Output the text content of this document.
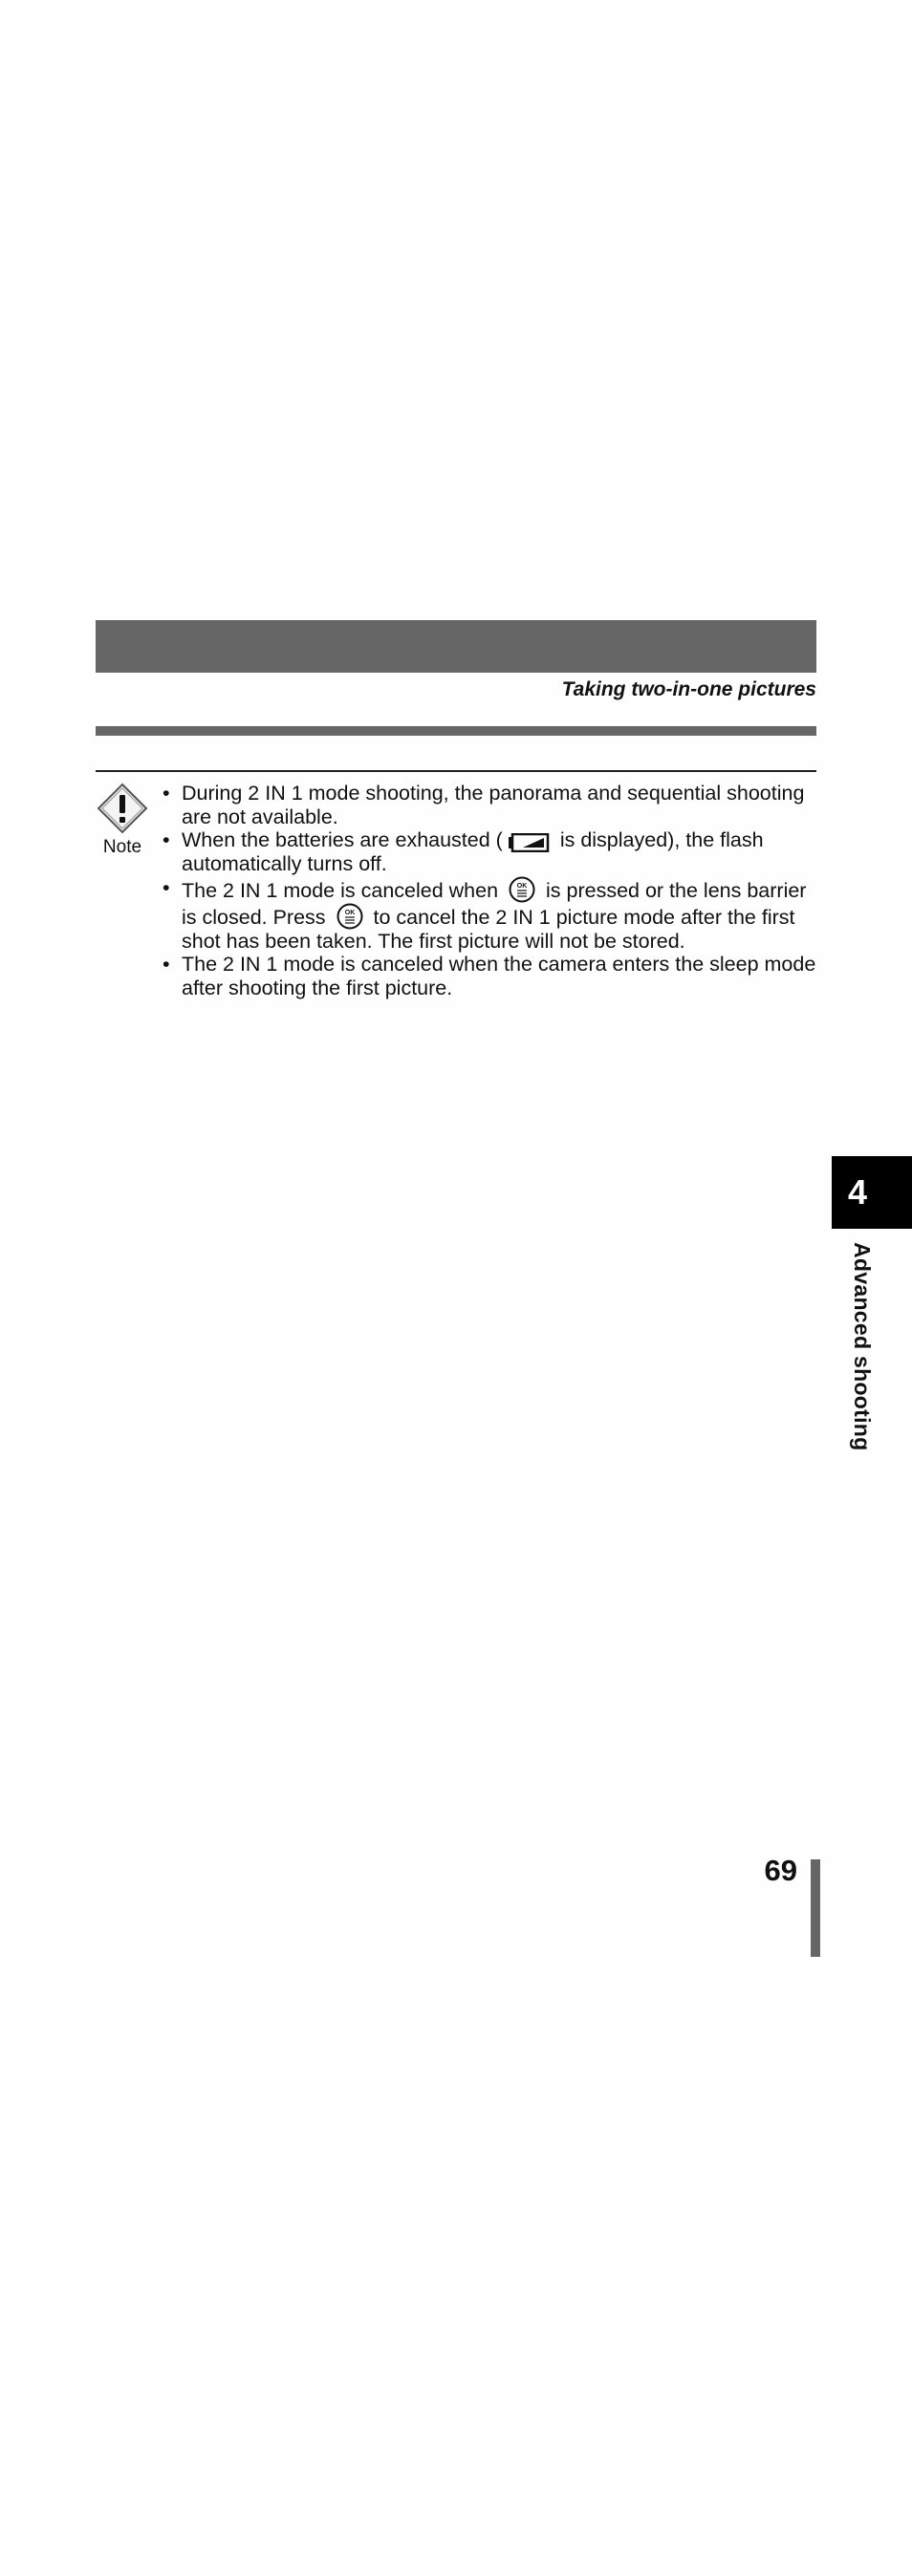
Taking two-in-one pictures
Note
• During 2 IN 1 mode shooting, the panorama and sequential shooting are not available.
• When the batteries are exhausted (	is displayed), the flash automatically turns off.
• The 2 IN 1 mode is canceled when OK is pressed or the lens barrier is closed. Press OK to cancel the 2 IN 1 picture mode after the first shot has been taken. The first picture will not be stored.
• The 2 IN 1 mode is canceled when the camera enters the sleep mode after shooting the first picture.
4
Advanced shooting
69
